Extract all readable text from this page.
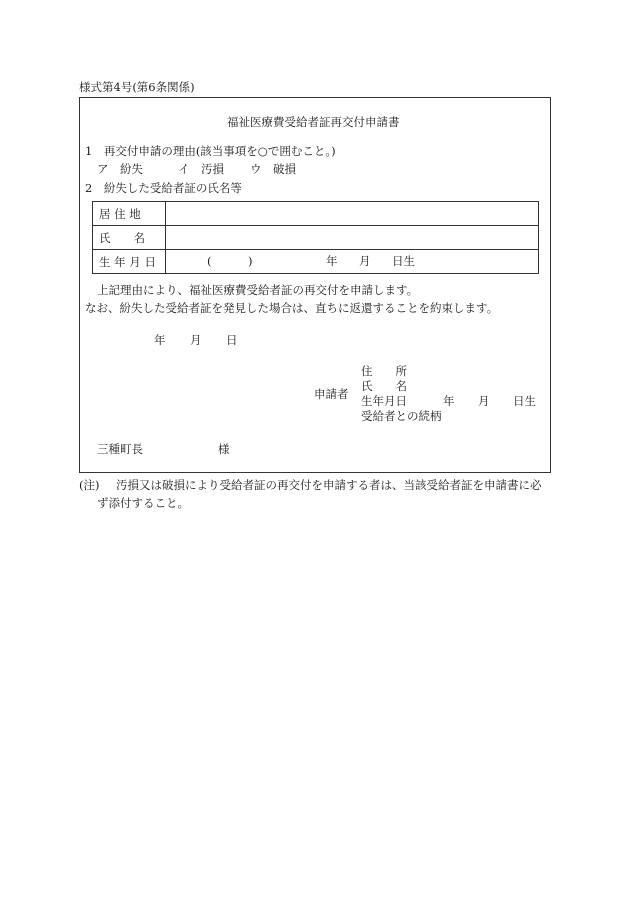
様式第4号(第6条関係)
福祉医療費受給者証再交付申請書
1　再交付申請の理由(該当事項を○で囲むこと。)
ア　紛失	イ　汚損 ウ　破損
2　紛失した受給者証の氏名等
居 住 地	
氏　　名	
生 年 月 日	( ) 年 月 日生
上記理由により、福祉医療費受給者証の再交付を申請します。
なお、紛失した受給者証を発見した場合は、直ちに返還することを約束します。
年 月 日
申請者
住　　所
氏　　名
生年月日	年 月 日生
受給者との続柄
三種町長	様
(注) 汚損又は破損により受給者証の再交付を申請する者は、当該受給者証を申請書に必
ず添付すること。
